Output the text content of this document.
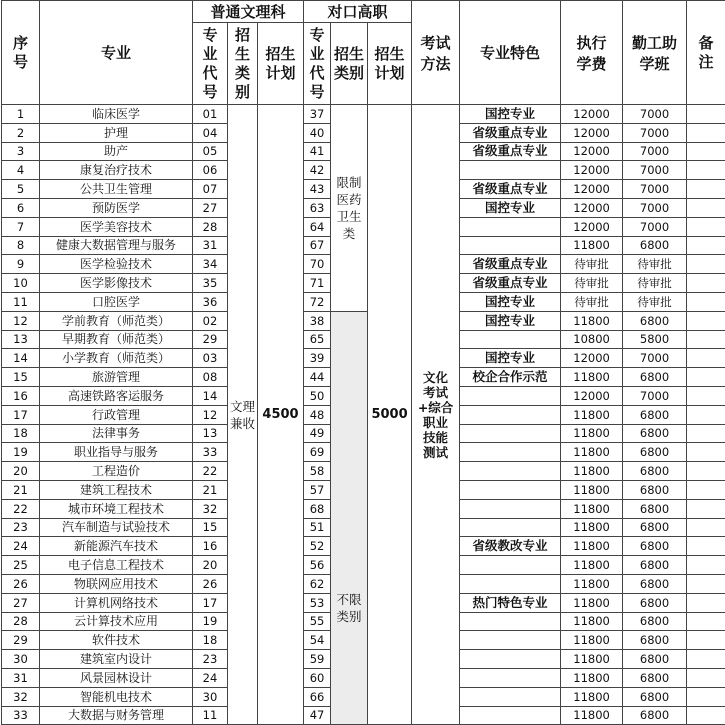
序号	专业	普通文理科			对口高职			考试方法	专业特色	执行学费	勤工助学班	备注
		专业代号	招生类别	招生计划	专业代号	招生类别	招生计划					
1	临床医学	01	文理兼收	4500	37	限制医药卫生类	5000	文化考试+综合职业技能测试	国控专业	12000	7000	
2	护理	04			40				省级重点专业	12000	7000	
3	助产	05			41				省级重点专业	12000	7000	
4	康复治疗技术	06			42					12000	7000	
5	公共卫生管理	07			43				省级重点专业	12000	7000	
6	预防医学	27			63				国控专业	12000	7000	
7	医学美容技术	28			64					12000	7000	
8	健康大数据管理与服务	31			67					11800	6800	
9	医学检验技术	34			70				省级重点专业	待审批	待审批	
10	医学影像技术	35			71				省级重点专业	待审批	待审批	
11	口腔医学	36			72				国控专业	待审批	待审批	
12	学前教育（师范类）	02			38	不限类别			国控专业	11800	6800	
13	早期教育（师范类）	29			65					10800	5800	
14	小学教育（师范类）	03			39				国控专业	12000	7000	
15	旅游管理	08			44				校企合作示范	11800	6800	
16	高速铁路客运服务	14			50					12000	7000	
17	行政管理	12			48					11800	6800	
18	法律事务	13			49					11800	6800	
19	职业指导与服务	33			69					11800	6800	
20	工程造价	22			58					11800	6800	
21	建筑工程技术	21			57					11800	6800	
22	城市环境工程技术	32			68					11800	6800	
23	汽车制造与试验技术	15			51					11800	6800	
24	新能源汽车技术	16			52				省级教改专业	11800	6800	
25	电子信息工程技术	20			56					11800	6800	
26	物联网应用技术	26			62					11800	6800	
27	计算机网络技术	17			53				热门特色专业	11800	6800	
28	云计算技术应用	19			55					11800	6800	
29	软件技术	18			54					11800	6800	
30	建筑室内设计	23			59					11800	6800	
31	风景园林设计	24			60					11800	6800	
32	智能机电技术	30			66					11800	6800	
33	大数据与财务管理	11			47					11800	6800	
